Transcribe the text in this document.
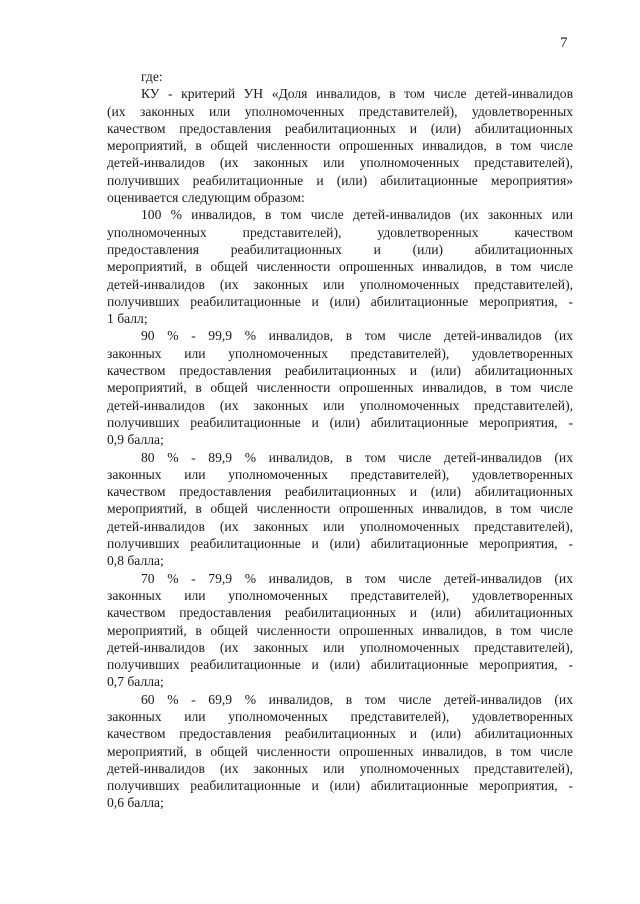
7
где:
КУ - критерий УН «Доля инвалидов, в том числе детей-инвалидов
(их законных или уполномоченных представителей), удовлетворенных
качеством предоставления реабилитационных и (или) абилитационных
мероприятий, в общей численности опрошенных инвалидов, в том числе
детей-инвалидов (их законных или уполномоченных представителей),
получивших реабилитационные и (или) абилитационные мероприятия»
оценивается следующим образом:
100 % инвалидов, в том числе детей-инвалидов (их законных или
уполномоченных представителей), удовлетворенных качеством
предоставления реабилитационных и (или) абилитационных
мероприятий, в общей численности опрошенных инвалидов, в том числе
детей-инвалидов (их законных или уполномоченных представителей),
получивших реабилитационные и (или) абилитационные мероприятия, -
1 балл;
90 % - 99,9 % инвалидов, в том числе детей-инвалидов (их
законных или уполномоченных представителей), удовлетворенных
качеством предоставления реабилитационных и (или) абилитационных
мероприятий, в общей численности опрошенных инвалидов, в том числе
детей-инвалидов (их законных или уполномоченных представителей),
получивших реабилитационные и (или) абилитационные мероприятия, -
0,9 балла;
80 % - 89,9 % инвалидов, в том числе детей-инвалидов (их
законных или уполномоченных представителей), удовлетворенных
качеством предоставления реабилитационных и (или) абилитационных
мероприятий, в общей численности опрошенных инвалидов, в том числе
детей-инвалидов (их законных или уполномоченных представителей),
получивших реабилитационные и (или) абилитационные мероприятия, -
0,8 балла;
70 % - 79,9 % инвалидов, в том числе детей-инвалидов (их
законных или уполномоченных представителей), удовлетворенных
качеством предоставления реабилитационных и (или) абилитационных
мероприятий, в общей численности опрошенных инвалидов, в том числе
детей-инвалидов (их законных или уполномоченных представителей),
получивших реабилитационные и (или) абилитационные мероприятия, -
0,7 балла;
60 % - 69,9 % инвалидов, в том числе детей-инвалидов (их
законных или уполномоченных представителей), удовлетворенных
качеством предоставления реабилитационных и (или) абилитационных
мероприятий, в общей численности опрошенных инвалидов, в том числе
детей-инвалидов (их законных или уполномоченных представителей),
получивших реабилитационные и (или) абилитационные мероприятия, -
0,6 балла;
